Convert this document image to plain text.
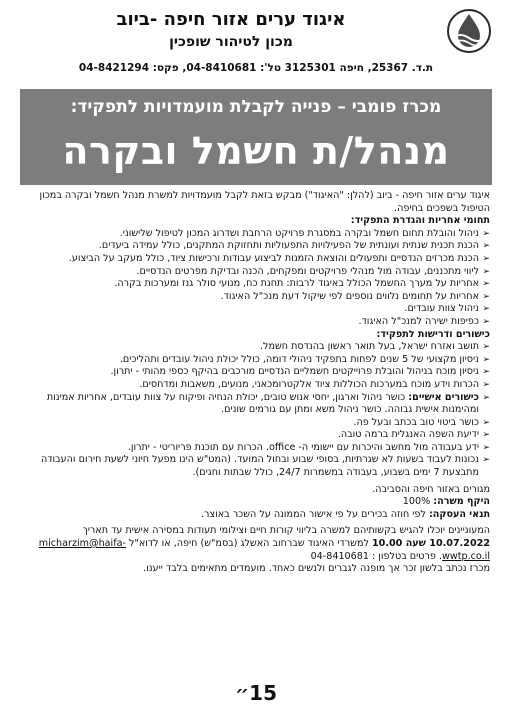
איגוד ערים אזור חיפה -ביוב

מכון לטיהור שופכין

ת.ד. 25367, חיפה 3125301 טל': 04-8410681, פקס: 04-8421294
מכרז פומבי – פנייה לקבלת מועמדויות לתפקיד:
מנהל/ת חשמל ובקרה

איגוד ערים אזור חיפה - ביוב (להלן: "האיגוד") מבקש בזאת לקבל מועמדויות למשרת מנהל חשמל ובקרה במכון הטיפול בשפכים בחיפה.

תחומי אחריות והגדרת התפקיד:

➢
ניהול והובלת תחום חשמל ובקרה במסגרת פרויקט הרחבת ושדרוג המכון לטיפול שלישוני.
➢
הכנת תכנית שנתית ועונתית של הפעילויות התפעוליות ותחזוקת המתקנים, כולל עמידה ביעדים.
➢
הכנת מכרזים הנדסיים ותפעולים והוצאת הזמנות לביצוע עבודות ורכישות ציוד, כולל מעקב על הביצוע.
➢
ליווי מתכננים, עבודה מול מנהלי פרויקטים ומפקחים, הכנה ובדיקת מפרטים הנדסיים.
➢
אחריות על מערך החשמל הכולל באיגוד לרבות: תחנת כח, מנועי סולר גנז ומערכות בקרה.
➢
אחריות על תחומים נלווים נוספים לפי שיקול דעת מנכ"ל האיגוד.
➢
ניהול צוות עובדים.
➢
כפיפות ישירה למנכ"ל האיגוד.

כישורים ודרישות לתפקיד:

➢
תושב ואזרח ישראל, בעל תואר ראשון בהנדסת חשמל.
➢
ניסיון מקצועי של 5 שנים לפחות בתפקיד ניהולי דומה, כולל יכולת ניהול עובדים ותהליכים.
➢
ניסיון מוכח בניהול והובלת פרוייקטים חשמליים הנדסיים מורכבים בהיקף כספי מהותי - יתרון.
➢
הכרות וידע מוכח במערכות הכוללות ציוד אלקטרומכאני, מנועים, משאבות ומדחסים.
➢
כישורים אישיים: כושר ניהול וארגון, יחסי אנוש טובים, יכולת הנחיה ופיקוח על צוות עובדים, אחריות אמינות ומהימנות אישית גבוהה. כושר ניהול משא ומתן עם גורמים שונים.
➢
כושר ביטוי טוב בכתב ובעל פה.
➢
ידיעת השפה האנגלית ברמה טובה.
➢
ידע בעבודה מול מחשב והיכרות עם יישומי ה- office. הכרות עם תוכנת פריוריטי - יתרון.
➢
נכונות לעבוד בשעות לא שגרתיות, בסופי שבוע ובחול המועד. (המט"ש הינו מפעל חיוני לשעת חירום והעבודה מתבצעת 7 ימים בשבוע, בעבודה במשמרות 24/7, כולל שבתות וחגים).

מגורים באזור חיפה והסביבה.

היקף משרה: 100%

תנאי העסקה: לפי חוזה בכירים על פי אישור הממונה על השכר באוצר.

המעוניינים יוכלו להגיש בקשותיהם למשרה בליווי קורות חיים וצילומי תעודות במסירה אישית עד תאריך 10.07.2022 שעה 10.00 למשרדי האיגוד שברחוב האשלג (בסמ"ש) חיפה, או לדוא"ל micharzim@haifa-wwtp.co.il. פרטים בטלפון : 04-8410681

מכרז נכתב בלשון זכר אך מופנה לגברים ולנשים כאחד. מועמדים מתאימים בלבד ייענו.

15״
